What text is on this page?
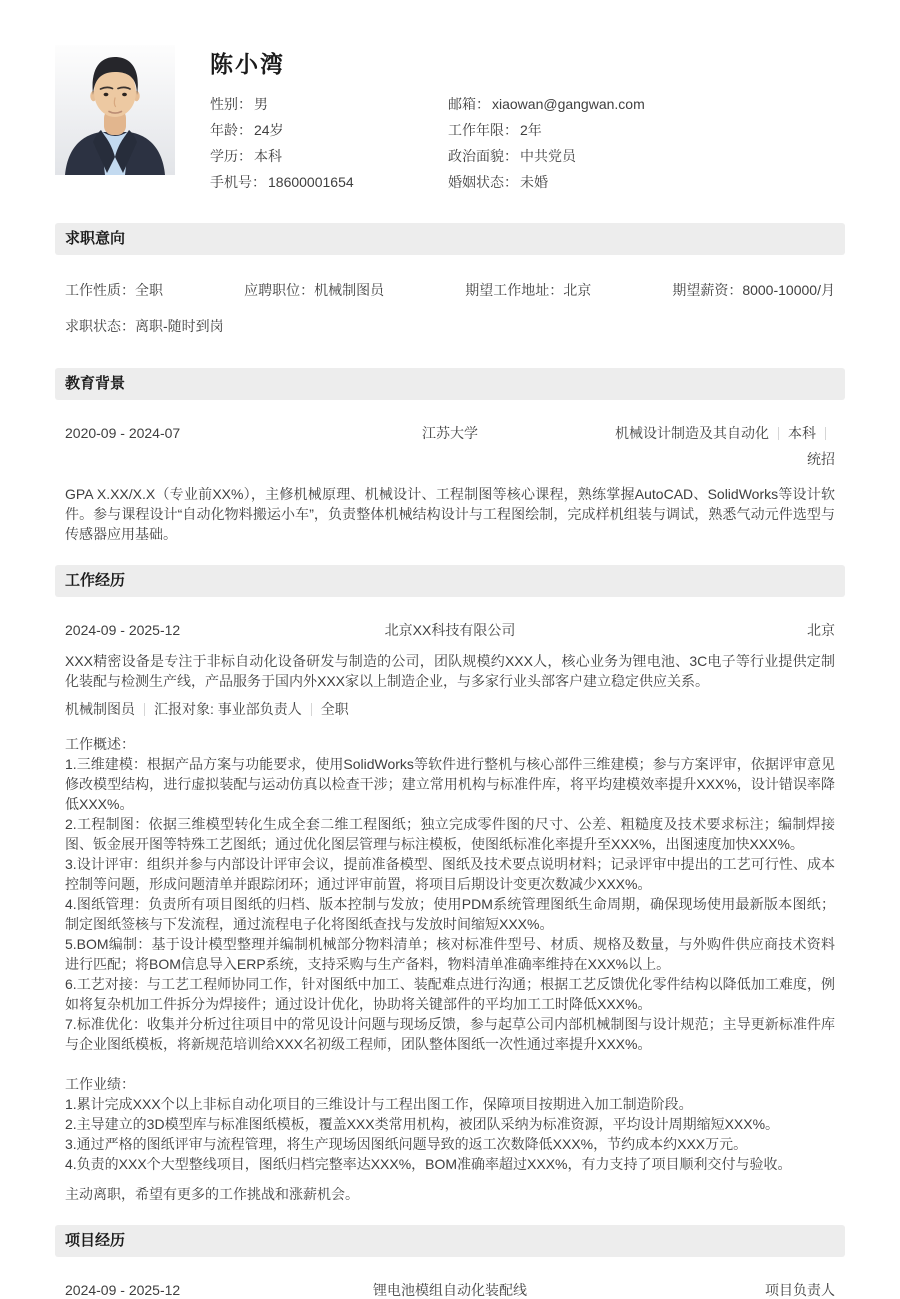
陈小湾
性别： 男	邮箱： xiaowan@gangwan.com
年龄： 24岁	工作年限： 2年
学历： 本科	政治面貌： 中共党员
手机号： 18600001654	婚姻状态： 未婚
求职意向
工作性质：全职	应聘职位：机械制图员	期望工作地址：北京	期望薪资：8000-10000/月
求职状态：离职-随时到岗
教育背景
2020-09 - 2024-07	江苏大学	机械设计制造及其自动化 本科
统招

GPA X.XX/X.X（专业前XX%），主修机械原理、机械设计、工程制图等核心课程，熟练掌握AutoCAD、SolidWorks等设计软件。参与课程设计“自动化物料搬运小车”，负责整体机械结构设计与工程图绘制，完成样机组装与调试，熟悉气动元件选型与传感器应用基础。

工作经历
2024-09 - 2025-12	北京XX科技有限公司	北京

XXX精密设备是专注于非标自动化设备研发与制造的公司，团队规模约XXX人，核心业务为锂电池、3C电子等行业提供定制化装配与检测生产线，产品服务于国内外XXX家以上制造企业，与多家行业头部客户建立稳定供应关系。

机械制图员 汇报对象: 事业部负责人 全职
工作概述：
1.三维建模：根据产品方案与功能要求，使用SolidWorks等软件进行整机与核心部件三维建模；参与方案评审，依据评审意见修改模型结构，进行虚拟装配与运动仿真以检查干涉；建立常用机构与标准件库，将平均建模效率提升XXX%，设计错误率降低XXX%。
2.工程制图：依据三维模型转化生成全套二维工程图纸；独立完成零件图的尺寸、公差、粗糙度及技术要求标注；编制焊接图、钣金展开图等特殊工艺图纸；通过优化图层管理与标注模板，使图纸标准化率提升至XXX%，出图速度加快XXX%。
3.设计评审：组织并参与内部设计评审会议，提前准备模型、图纸及技术要点说明材料；记录评审中提出的工艺可行性、成本控制等问题，形成问题清单并跟踪闭环；通过评审前置，将项目后期设计变更次数减少XXX%。
4.图纸管理：负责所有项目图纸的归档、版本控制与发放；使用PDM系统管理图纸生命周期，确保现场使用最新版本图纸；制定图纸签核与下发流程，通过流程电子化将图纸查找与发放时间缩短XXX%。
5.BOM编制：基于设计模型整理并编制机械部分物料清单；核对标准件型号、材质、规格及数量，与外购件供应商技术资料进行匹配；将BOM信息导入ERP系统，支持采购与生产备料，物料清单准确率维持在XXX%以上。
6.工艺对接：与工艺工程师协同工作，针对图纸中加工、装配难点进行沟通；根据工艺反馈优化零件结构以降低加工难度，例如将复杂机加工件拆分为焊接件；通过设计优化，协助将关键部件的平均加工工时降低XXX%。
7.标准优化：收集并分析过往项目中的常见设计问题与现场反馈，参与起草公司内部机械制图与设计规范；主导更新标准件库与企业图纸模板，将新规范培训给XXX名初级工程师，团队整体图纸一次性通过率提升XXX%。
工作业绩：
1.累计完成XXX个以上非标自动化项目的三维设计与工程出图工作，保障项目按期进入加工制造阶段。
2.主导建立的3D模型库与标准图纸模板，覆盖XXX类常用机构，被团队采纳为标准资源，平均设计周期缩短XXX%。
3.通过严格的图纸评审与流程管理，将生产现场因图纸问题导致的返工次数降低XXX%，节约成本约XXX万元。
4.负责的XXX个大型整线项目，图纸归档完整率达XXX%，BOM准确率超过XXX%，有力支持了项目顺利交付与验收。
主动离职，希望有更多的工作挑战和涨薪机会。
项目经历
2024-09 - 2025-12	锂电池模组自动化装配线	项目负责人
